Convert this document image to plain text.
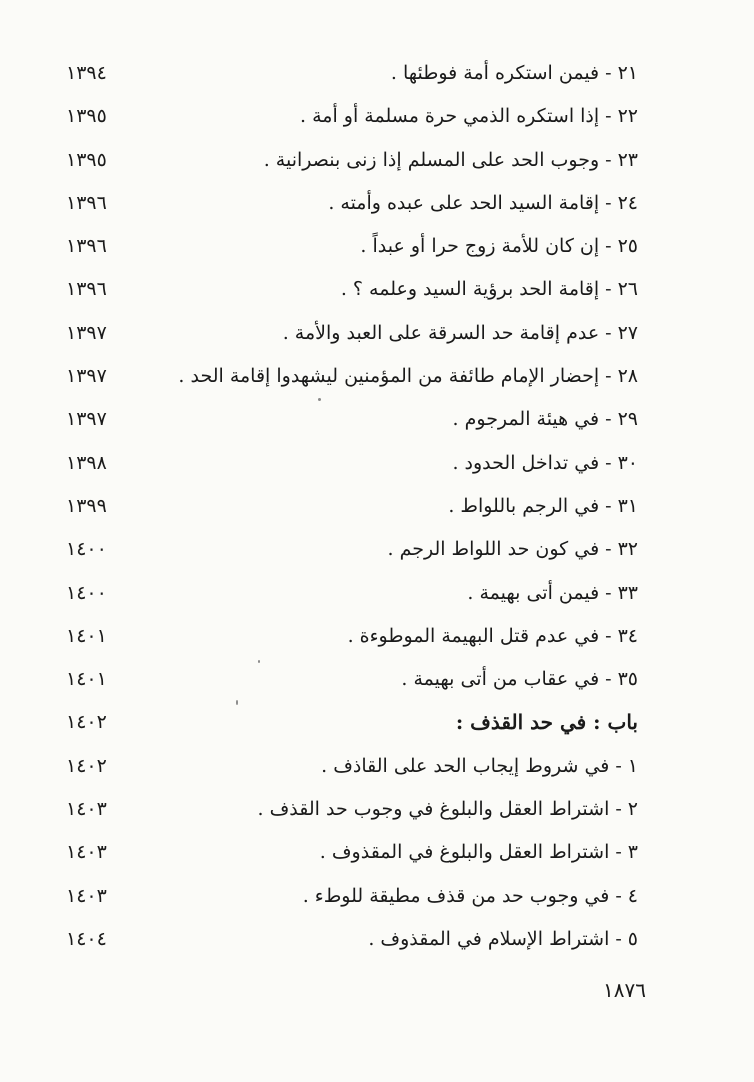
٢١-فيمن استكره أمة فوطئها .
١٣٩٤
٢٢-إذا استكره الذمي حرة مسلمة أو أمة .
١٣٩٥
٢٣-وجوب الحد على المسلم إذا زنى بنصرانية .
١٣٩٥
٢٤-إقامة السيد الحد على عبده وأمته .
١٣٩٦
٢٥-إن كان للأمة زوج حرا أو عبداً .
١٣٩٦
٢٦-إقامة الحد برؤية السيد وعلمه ؟ .
١٣٩٦
٢٧-عدم إقامة حد السرقة على العبد والأمة .
١٣٩٧
٢٨-إحضار الإمام طائفة من المؤمنين ليشهدوا إقامة الحد .
١٣٩٧
٢٩-في هيئة المرجوم .
١٣٩٧
٣٠-في تداخل الحدود .
١٣٩٨
٣١-في الرجم باللواط .
١٣٩٩
٣٢-في كون حد اللواط الرجم .
١٤٠٠
٣٣-فيمن أتى بهيمة .
١٤٠٠
٣٤-في عدم قتل البهيمة الموطوءة .
١٤٠١
٣٥-في عقاب من أتى بهيمة .
١٤٠١
باب : في حد القذف :
١٤٠٢
١-في شروط إيجاب الحد على القاذف .
١٤٠٢
٢-اشتراط العقل والبلوغ في وجوب حد القذف .
١٤٠٣
٣-اشتراط العقل والبلوغ في المقذوف .
١٤٠٣
٤-في وجوب حد من قذف مطيقة للوطء .
١٤٠٣
٥-اشتراط الإسلام في المقذوف .
١٤٠٤
١٨٧٦
